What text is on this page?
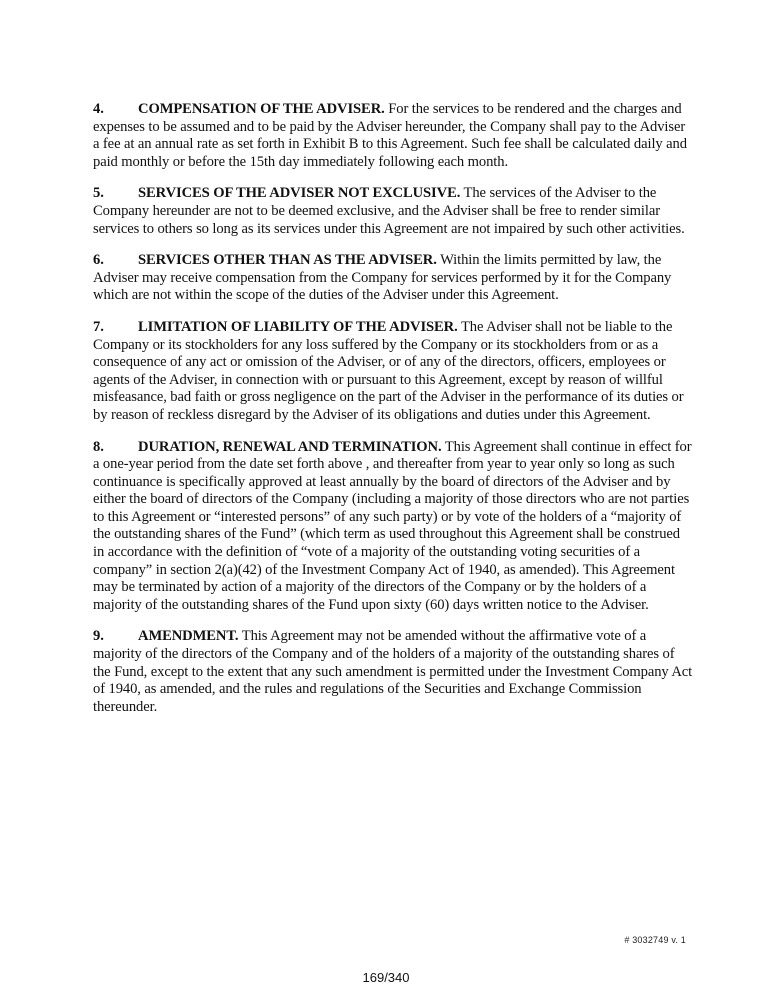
4. COMPENSATION OF THE ADVISER. For the services to be rendered and the charges and expenses to be assumed and to be paid by the Adviser hereunder, the Company shall pay to the Adviser a fee at an annual rate as set forth in Exhibit B to this Agreement. Such fee shall be calculated daily and paid monthly or before the 15th day immediately following each month.

5. SERVICES OF THE ADVISER NOT EXCLUSIVE. The services of the Adviser to the Company hereunder are not to be deemed exclusive, and the Adviser shall be free to render similar services to others so long as its services under this Agreement are not impaired by such other activities.

6. SERVICES OTHER THAN AS THE ADVISER. Within the limits permitted by law, the Adviser may receive compensation from the Company for services performed by it for the Company which are not within the scope of the duties of the Adviser under this Agreement.

7. LIMITATION OF LIABILITY OF THE ADVISER. The Adviser shall not be liable to the Company or its stockholders for any loss suffered by the Company or its stockholders from or as a consequence of any act or omission of the Adviser, or of any of the directors, officers, employees or agents of the Adviser, in connection with or pursuant to this Agreement, except by reason of willful misfeasance, bad faith or gross negligence on the part of the Adviser in the performance of its duties or by reason of reckless disregard by the Adviser of its obligations and duties under this Agreement.

8. DURATION, RENEWAL AND TERMINATION. This Agreement shall continue in effect for a one-year period from the date set forth above , and thereafter from year to year only so long as such continuance is specifically approved at least annually by the board of directors of the Adviser and by either the board of directors of the Company (including a majority of those directors who are not parties to this Agreement or “interested persons” of any such party) or by vote of the holders of a “majority of the outstanding shares of the Fund” (which term as used throughout this Agreement shall be construed in accordance with the definition of “vote of a majority of the outstanding voting securities of a company” in section 2(a)(42) of the Investment Company Act of 1940, as amended). This Agreement may be terminated by action of a majority of the directors of the Company or by the holders of a majority of the outstanding shares of the Fund upon sixty (60) days written notice to the Adviser.

9. AMENDMENT. This Agreement may not be amended without the affirmative vote of a majority of the directors of the Company and of the holders of a majority of the outstanding shares of the Fund, except to the extent that any such amendment is permitted under the Investment Company Act of 1940, as amended, and the rules and regulations of the Securities and Exchange Commission thereunder.

# 3032749 v. 1
169/340
